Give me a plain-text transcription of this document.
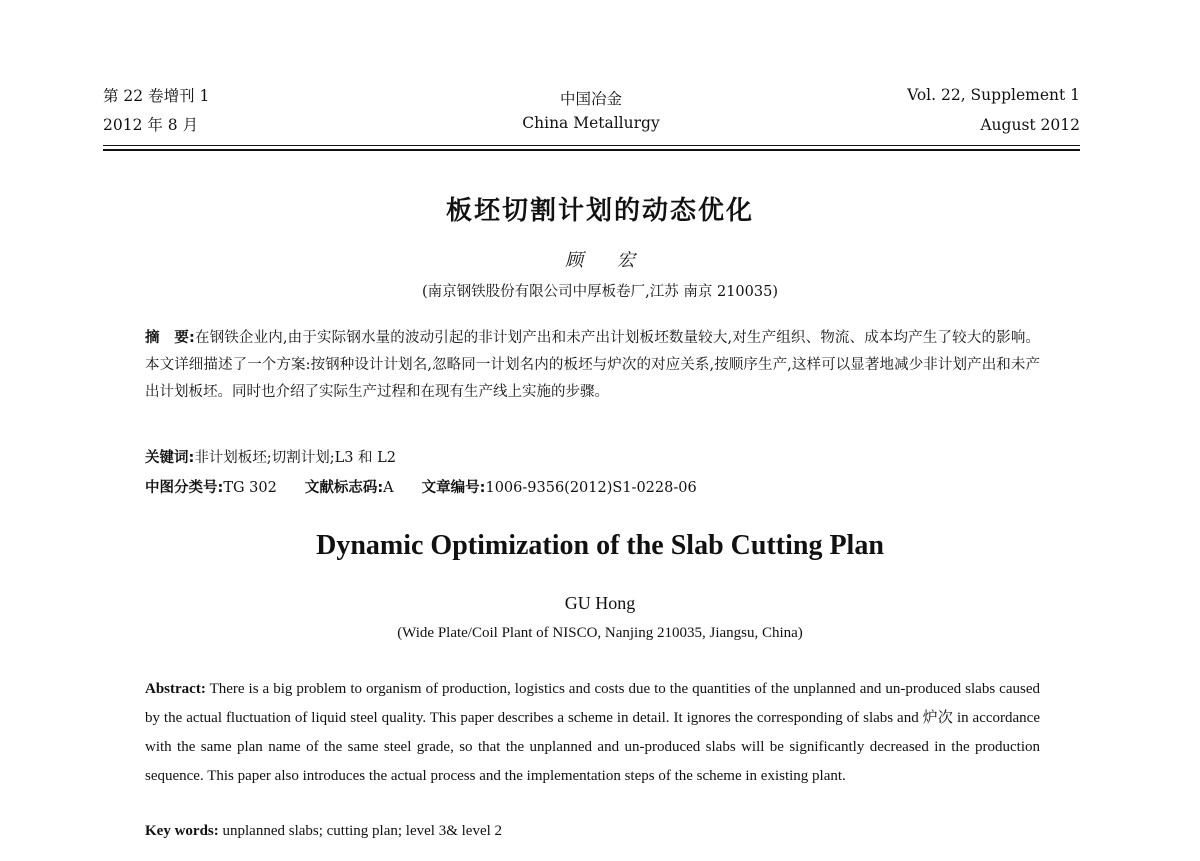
第 22 卷增刊 1
2012 年 8 月
中国冶金
China Metallurgy
Vol. 22, Supplement 1
August 2012
板坯切割计划的动态优化
顾 宏
(南京钢铁股份有限公司中厚板卷厂,江苏 南京 210035)
摘　要:在钢铁企业内,由于实际钢水量的波动引起的非计划产出和未产出计划板坯数量较大,对生产组织、物流、成本均产生了较大的影响。本文详细描述了一个方案:按钢种设计计划名,忽略同一计划名内的板坯与炉次的对应关系,按顺序生产,这样可以显著地减少非计划产出和未产出计划板坯。同时也介绍了实际生产过程和在现有生产线上实施的步骤。
关键词:非计划板坯;切割计划;L3 和 L2
中图分类号:TG 302 文献标志码:A 文章编号:1006-9356(2012)S1-0228-06
Dynamic Optimization of the Slab Cutting Plan
GU Hong
(Wide Plate/Coil Plant of NISCO, Nanjing 210035, Jiangsu, China)
Abstract: There is a big problem to organism of production, logistics and costs due to the quantities of the unplanned and un-produced slabs caused by the actual fluctuation of liquid steel quality. This paper describes a scheme in detail. It ignores the corresponding of slabs and 炉次 in accordance with the same plan name of the same steel grade, so that the unplanned and un-produced slabs will be significantly decreased in the production sequence. This paper also introduces the actual process and the implementation steps of the scheme in existing plant.
Key words: unplanned slabs; cutting plan; level 3& level 2
